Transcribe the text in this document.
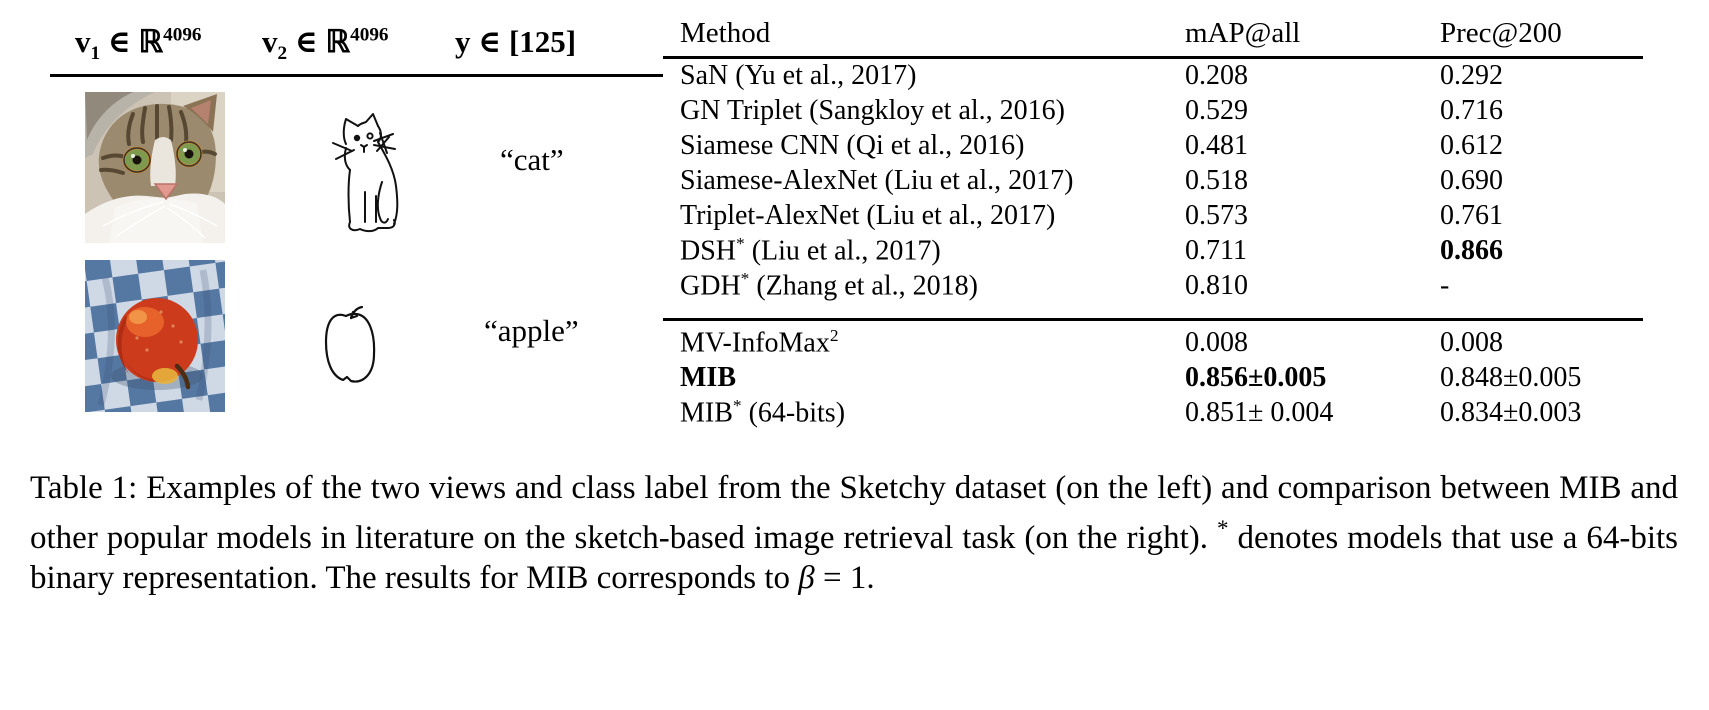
$v_1$ ∈ ℝ$^{4096}$ $v_2$ ∈ ℝ$^{4096}$ y ∈ [125]
“cat”
“apple”
Method	mAP@all	Prec@200
SaN (Yu et al., 2017)	0.208	0.292
GN Triplet (Sangkloy et al., 2016)	0.529	0.716
Siamese CNN (Qi et al., 2016)	0.481	0.612
Siamese-AlexNet (Liu et al., 2017)	0.518	0.690
Triplet-AlexNet (Liu et al., 2017)	0.573	0.761
DSH* (Liu et al., 2017)	0.711	0.866
GDH* (Zhang et al., 2018)	0.810	-
MV-InfoMax$^2$	0.008	0.008
MIB	0.856±0.005	0.848±0.005
MIB* (64-bits)	0.851± 0.004	0.834±0.003
Table 1: Examples of the two views and class label from the Sketchy dataset (on the left) and comparison between MIB and other popular models in literature on the sketch-based image retrieval task (on the right). * denotes models that use a 64-bits binary representation. The results for MIB corresponds to β = 1.
